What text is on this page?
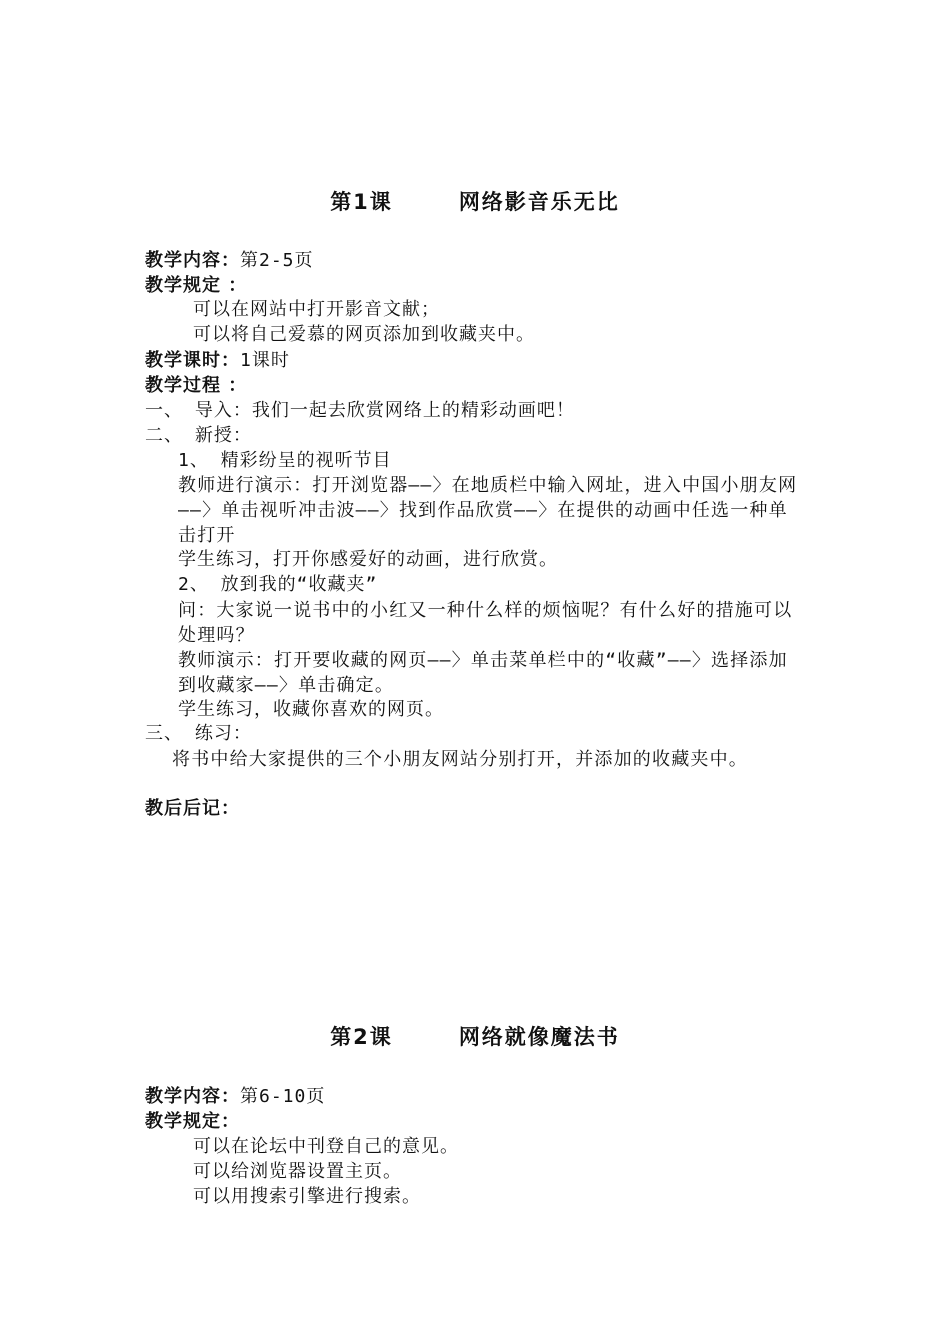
第1课	网络影音乐无比
教学内容：第2-5页
教学规定 ：
可以在网站中打开影音文献；
可以将自己爱慕的网页添加到收藏夹中。
教学课时：1课时
教学过程 ：
一、 导入：我们一起去欣赏网络上的精彩动画吧！
二、 新授：
1、 精彩纷呈的视听节目
教师进行演示：打开浏览器——〉在地质栏中输入网址，进入中国小朋友网——〉单击视听冲击波——〉找到作品欣赏——〉在提供的动画中任选一种单击打开
学生练习，打开你感爱好的动画，进行欣赏。
2、 放到我的“收藏夹”
问：大家说一说书中的小红又一种什么样的烦恼呢？有什么好的措施可以处理吗？
教师演示：打开要收藏的网页——〉单击菜单栏中的“收藏”——〉选择添加到收藏家——〉单击确定。
学生练习，收藏你喜欢的网页。
三、 练习：
将书中给大家提供的三个小朋友网站分别打开，并添加的收藏夹中。
教后后记：
第2课	网络就像魔法书
教学内容：第6-10页
教学规定：
可以在论坛中刊登自己的意见。
可以给浏览器设置主页。
可以用搜索引擎进行搜索。
